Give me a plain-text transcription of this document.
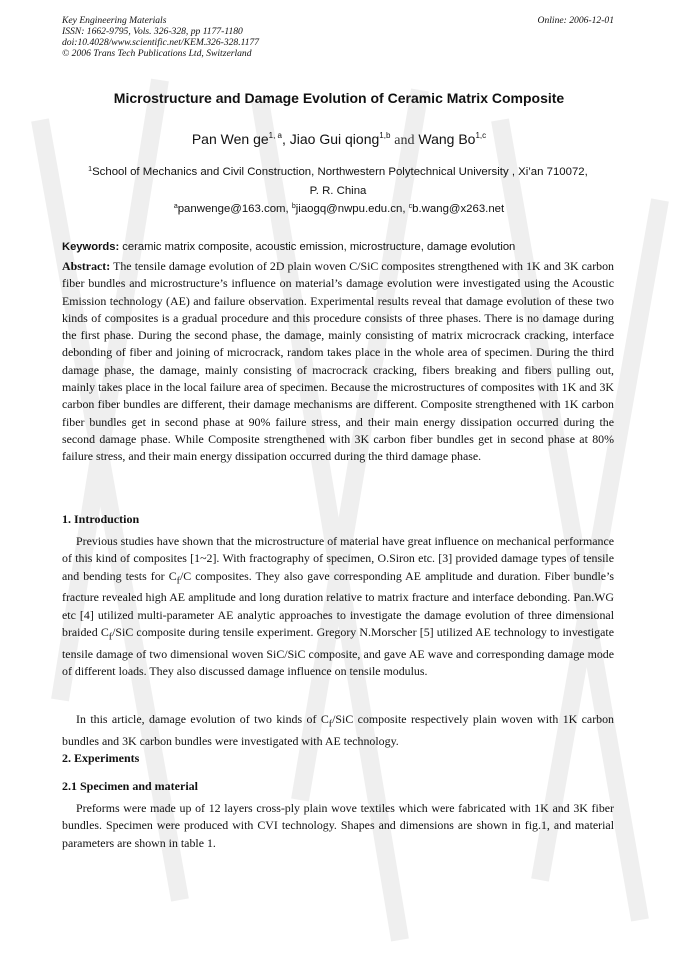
Key Engineering Materials
ISSN: 1662-9795, Vols. 326-328, pp 1177-1180
doi:10.4028/www.scientific.net/KEM.326-328.1177
© 2006 Trans Tech Publications Ltd, Switzerland
Online: 2006-12-01
Microstructure and Damage Evolution of Ceramic Matrix Composite
Pan Wen ge$^{1, a}$, Jiao Gui qiong$^{1,b}$ and Wang Bo$^{1,c}$
$^1$School of Mechanics and Civil Construction, Northwestern Polytechnical University , Xi’an 710072,
P. R. China
$^a$panwenge@163.com, $^b$jiaogq@nwpu.edu.cn, $^c$b.wang@x263.net
Keywords: ceramic matrix composite, acoustic emission, microstructure, damage evolution
Abstract: The tensile damage evolution of 2D plain woven C/SiC composites strengthened with 1K and 3K carbon fiber bundles and microstructure’s influence on material’s damage evolution were investigated using the Acoustic Emission technology (AE) and failure observation. Experimental results reveal that damage evolution of these two kinds of composites is a gradual procedure and this procedure consists of three phases. There is no damage during the first phase. During the second phase, the damage, mainly consisting of matrix microcrack cracking, interface debonding of fiber and joining of microcrack, random takes place in the whole area of specimen. During the third damage phase, the damage, mainly consisting of macrocrack cracking, fibers breaking and fibers pulling out, mainly takes place in the local failure area of specimen. Because the microstructures of composites with 1K and 3K carbon fiber bundles are different, their damage mechanisms are different. Composite strengthened with 1K carbon fiber bundles get in second phase at 90% failure stress, and their main energy dissipation occurred during the second damage phase. While Composite strengthened with 3K carbon fiber bundles get in second phase at 80% failure stress, and their main energy dissipation occurred during the third damage phase.
1. Introduction
Previous studies have shown that the microstructure of material have great influence on mechanical performance of this kind of composites [1~2]. With fractography of specimen, O.Siron etc. [3] provided damage types of tensile and bending tests for $C_f/C$ composites. They also gave corresponding AE amplitude and duration. Fiber bundle’s fracture revealed high AE amplitude and long duration relative to matrix fracture and interface debonding. Pan.WG etc [4] utilized multi-parameter AE analytic approaches to investigate the damage evolution of three dimensional braided $C_f$/SiC composite during tensile experiment. Gregory N.Morscher [5] utilized AE technology to investigate tensile damage of two dimensional woven SiC/SiC composite, and gave AE wave and corresponding damage mode of different loads. They also discussed damage influence on tensile modulus.
In this article, damage evolution of two kinds of $C_f$/SiC composite respectively plain woven with 1K carbon bundles and 3K carbon bundles were investigated with AE technology.
2. Experiments
2.1 Specimen and material
Preforms were made up of 12 layers cross-ply plain wove textiles which were fabricated with 1K and 3K fiber bundles. Specimen were produced with CVI technology. Shapes and dimensions are shown in fig.1, and material parameters are shown in table 1.
